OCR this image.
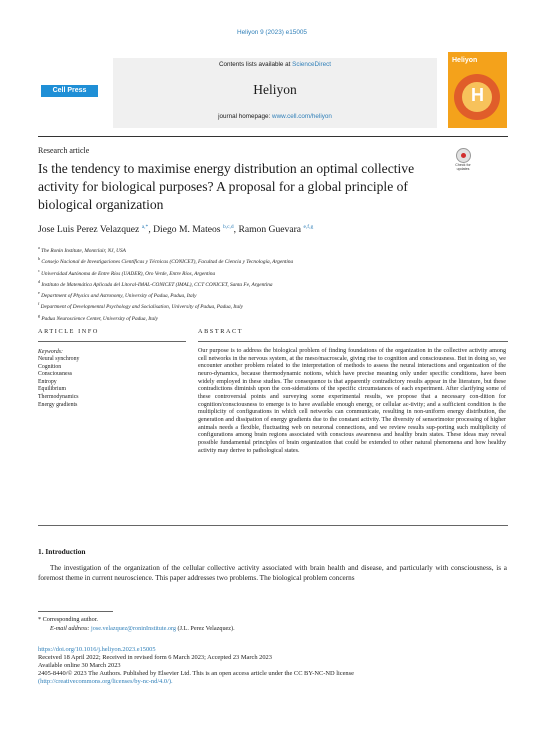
Heliyon 9 (2023) e15005
Cell Press
Contents lists available at ScienceDirect
Heliyon
journal homepage: www.cell.com/heliyon
Heliyon
H
Research article
Is the tendency to maximise energy distribution an optimal collective activity for biological purposes? A proposal for a global principle of biological organization
Check for updates
Jose Luis Perez Velazquez $^{a,*}$, Diego M. Mateos $^{b,c,d}$, Ramon Guevara $^{e,f,g}$
$^a$ The Ronin Institute, Montclair, NJ, USA
$^b$ Consejo Nacional de Investigaciones Científicas y Técnicas (CONICET), Facultad de Ciencia y Tecnología, Argentina
$^c$ Universidad Autónoma de Entre Ríos (UADER), Oro Verde, Entre Ríos, Argentina
$^d$ Instituto de Matemática Aplicada del Litoral-IMAL-CONICET (IMAL), CCT CONICET, Santa Fe, Argentina
$^e$ Department of Physics and Astronomy, University of Padua, Padua, Italy
$^f$ Department of Developmental Psychology and Socialisation, University of Padua, Padua, Italy
$^g$ Padua Neuroscience Center, University of Padua, Italy
ARTICLE INFO	ABSTRACT
Keywords:
Neural synchrony
Cognition
Consciousness
Entropy
Equilibrium
Thermodynamics
Energy gradients
Our purpose is to address the biological problem of finding foundations of the organization in the collective activity among cell networks in the nervous system, at the meso/macroscale, giving rise to cognition and consciousness. But in doing so, we encounter another problem related to the interpretation of methods to assess the neural interactions and organization of the neuro-dynamics, because thermodynamic notions, which have precise meaning only under specific conditions, have been widely employed in these studies. The consequence is that apparently contradictory results appear in the literature, but these contradictions diminish upon the con-siderations of the specific circumstances of each experiment. After clarifying some of these controversial points and surveying some experimental results, we propose that a necessary con-dition for cognition/consciousness to emerge is to have available enough energy, or cellular ac-tivity; and a sufficient condition is the multiplicity of configurations in which cell networks can communicate, resulting in non-uniform energy distribution, the generation and dissipation of energy gradients due to the constant activity. The diversity of sensorimotor processing of higher animals needs a flexible, fluctuating web on neuronal connections, and we review results sup-porting such multiplicity of configurations among brain regions associated with conscious awareness and healthy brain states. These ideas may reveal possible fundamental principles of brain organization that could be extended to other natural phenomena and how healthy activity may derive to pathological states.
1. Introduction
The investigation of the organization of the cellular collective activity associated with brain health and disease, and particularly with consciousness, is a foremost theme in current neuroscience. This paper addresses two problems. The biological problem concerns
* Corresponding author.
E-mail address: jose.velazquez@roninInstitute.org (J.L. Perez Velazquez).
https://doi.org/10.1016/j.heliyon.2023.e15005
Received 18 April 2022; Received in revised form 6 March 2023; Accepted 23 March 2023
Available online 30 March 2023
2405-8440/© 2023 The Authors. Published by Elsevier Ltd. This is an open access article under the CC BY-NC-ND license
(http://creativecommons.org/licenses/by-nc-nd/4.0/).
